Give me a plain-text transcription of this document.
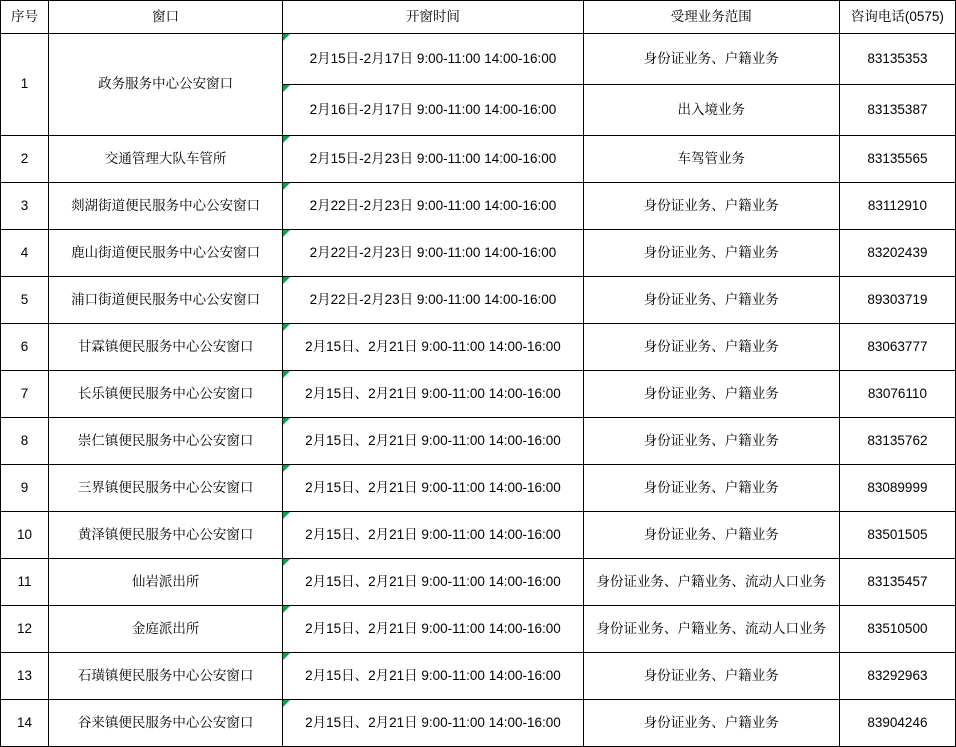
序号	窗口	开窗时间	受理业务范围	咨询电话(0575)
1	政务服务中心公安窗口	2月15日-2月17日 9:00-11:00 14:00-16:00	身份证业务、户籍业务	83135353
		2月16日-2月17日 9:00-11:00 14:00-16:00	出入境业务	83135387
2	交通管理大队车管所	2月15日-2月23日 9:00-11:00 14:00-16:00	车驾管业务	83135565
3	剡湖街道便民服务中心公安窗口	2月22日-2月23日 9:00-11:00 14:00-16:00	身份证业务、户籍业务	83112910
4	鹿山街道便民服务中心公安窗口	2月22日-2月23日 9:00-11:00 14:00-16:00	身份证业务、户籍业务	83202439
5	浦口街道便民服务中心公安窗口	2月22日-2月23日 9:00-11:00 14:00-16:00	身份证业务、户籍业务	89303719
6	甘霖镇便民服务中心公安窗口	2月15日、2月21日 9:00-11:00 14:00-16:00	身份证业务、户籍业务	83063777
7	长乐镇便民服务中心公安窗口	2月15日、2月21日 9:00-11:00 14:00-16:00	身份证业务、户籍业务	83076110
8	崇仁镇便民服务中心公安窗口	2月15日、2月21日 9:00-11:00 14:00-16:00	身份证业务、户籍业务	83135762
9	三界镇便民服务中心公安窗口	2月15日、2月21日 9:00-11:00 14:00-16:00	身份证业务、户籍业务	83089999
10	黄泽镇便民服务中心公安窗口	2月15日、2月21日 9:00-11:00 14:00-16:00	身份证业务、户籍业务	83501505
11	仙岩派出所	2月15日、2月21日 9:00-11:00 14:00-16:00	身份证业务、户籍业务、流动人口业务	83135457
12	金庭派出所	2月15日、2月21日 9:00-11:00 14:00-16:00	身份证业务、户籍业务、流动人口业务	83510500
13	石璜镇便民服务中心公安窗口	2月15日、2月21日 9:00-11:00 14:00-16:00	身份证业务、户籍业务	83292963
14	谷来镇便民服务中心公安窗口	2月15日、2月21日 9:00-11:00 14:00-16:00	身份证业务、户籍业务	83904246
